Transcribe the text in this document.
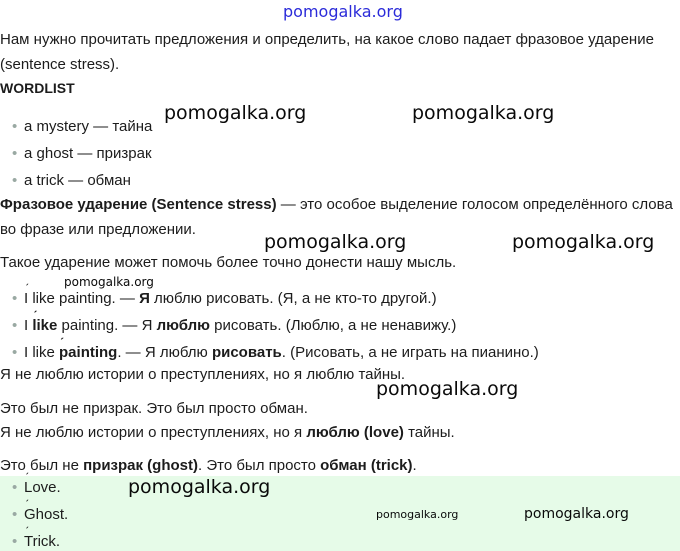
pomogalka.org
Нам нужно прочитать предложения и определить, на какое слово падает фразовое ударение (sentence stress).
WORDLIST
• a mystery — тайна
• a ghost — призрак
• a trick — обман
Фразовое ударение (Sentence stress) — это особое выделение голосом определённого слова во фразе или предложении.
Такое ударение может помочь более точно донести нашу мысль.
• ˊ I like painting. — Я люблю рисовать. (Я, а не кто-то другой.)
• I ˊ like painting. — Я люблю рисовать. (Люблю, а не ненавижу.)
• I like ˊ painting. — Я люблю рисовать. (Рисовать, а не играть на пианино.)
Я не люблю истории о преступлениях, но я люблю тайны.
Это был не призрак. Это был просто обман.
Я не люблю истории о преступлениях, но я люблю (love) тайны.
Это был не призрак (ghost). Это был просто обман (trick).
• ˊ Love.
• ˊ Ghost.
• ˊ Trick.
pomogalka.org	pomogalka.org
pomogalka.org	pomogalka.org
pomogalka.org
pomogalka.org
pomogalka.org
pomogalka.org	pomogalka.org
